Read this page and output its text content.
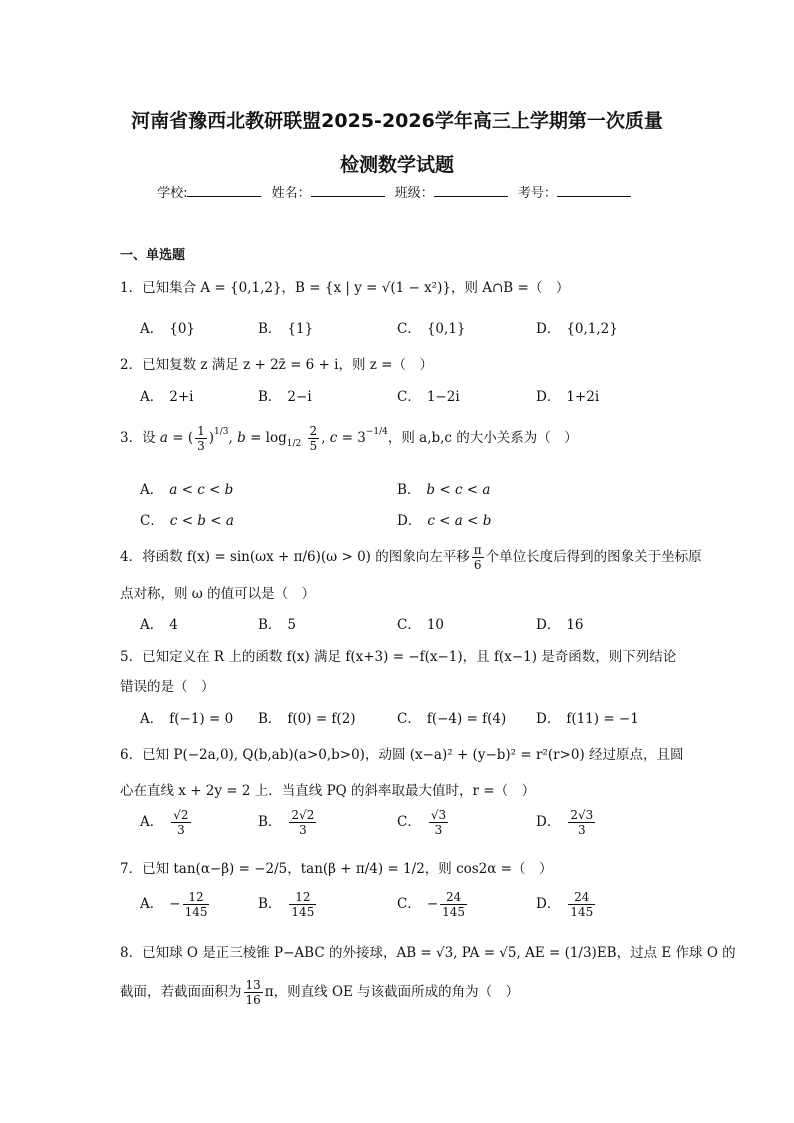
河南省豫西北教研联盟2025-2026学年高三上学期第一次质量
检测数学试题
学校:	姓名：	班级：	考号：
一、单选题
1．已知集合 A = {0,1,2}，B = {x | y = √(1 − x²)}，则 A∩B =（　）
A． {0}	B． {1}	C． {0,1}	D． {0,1,2}
2．已知复数 z 满足 z + 2z̄ = 6 + i，则 z =（　）
A． 2+i	B． 2−i	C． 1−2i	D． 1+2i
3．设 a = ( $\frac{1}{3} )^{1/3}$, $b = \log_{1/2} \frac{2}{5}$ , $c = 3^{-1/4}$，则 a,b,c 的大小关系为（　）
A． a < c < b	B． b < c < a
C． c < b < a	D． c < a < b
4．将函数 f(x) = sin(ωx + π/6)(ω > 0) 的图象向左平移 $\frac{\pi}{6}$ 个单位长度后得到的图象关于坐标原
点对称，则 ω 的值可以是（　）
A． 4	B． 5	C． 10	D． 16
5．已知定义在 R 上的函数 f(x) 满足 f(x+3) = −f(x−1)，且 f(x−1) 是奇函数，则下列结论
错误的是（　）
A． f(−1) = 0 B． f(0) = f(2)	C． f(−4) = f(4) D． f(11) = −1
6．已知 P(−2a,0), Q(b,ab)(a>0,b>0)，动圆 (x−a)² + (y−b)² = r²(r>0) 经过原点，且圆
心在直线 x + 2y = 2 上．当直线 PQ 的斜率取最大值时，r =（　）
A． $\frac{√2}{3}$	B． $\frac{2√2}{3}$	C． $\frac{√3}{3}$	D． $\frac{2√3}{3}$
7．已知 tan(α−β) = −2/5，tan(β + π/4) = 1/2，则 cos2α =（　）
A． − $\frac{12}{145}$	B． $\frac{12}{145}$	C． − $\frac{24}{145}$	D． $\frac{24}{145}$
8．已知球 O 是正三棱锥 P−ABC 的外接球，AB = √3, PA = √5, AE = (1/3)EB，过点 E 作球 O 的
截面，若截面面积为 $\frac{13}{16}$ π，则直线 OE 与该截面所成的角为（　）
